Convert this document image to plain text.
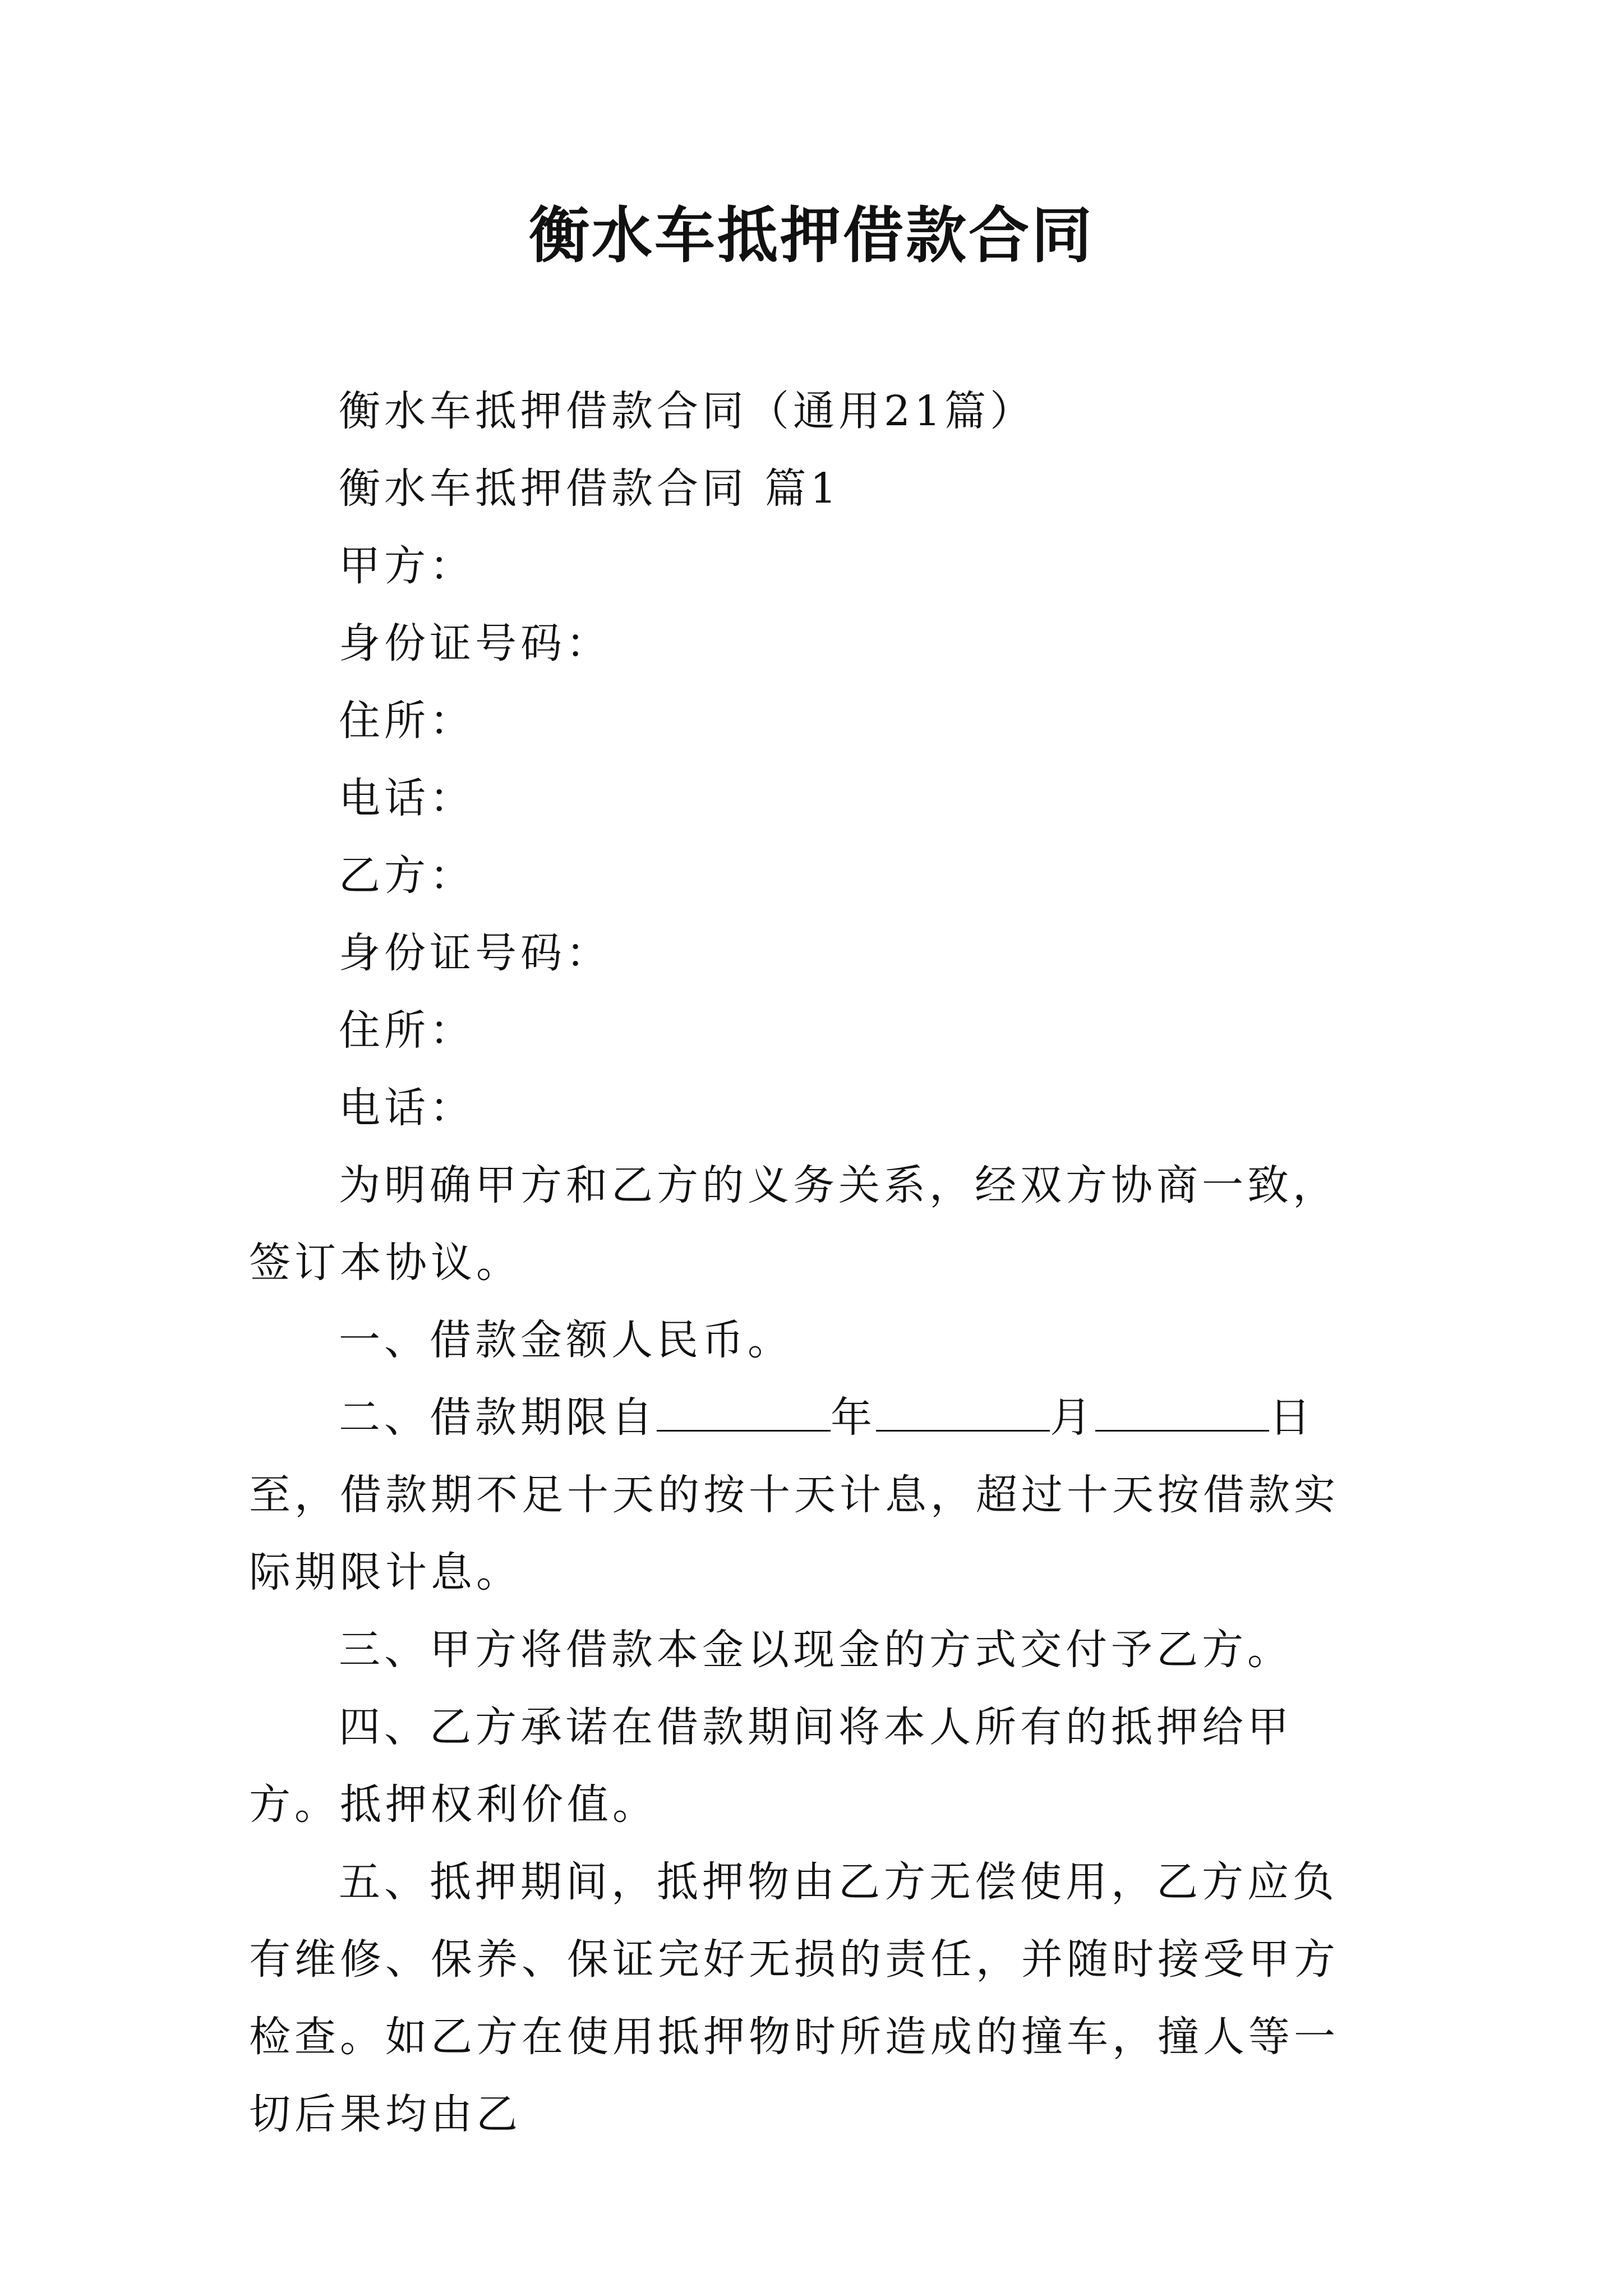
衡水车抵押借款合同

衡水车抵押借款合同（通用21篇）

衡水车抵押借款合同 篇1

甲方：

身份证号码：

住所：

电话：

乙方：

身份证号码：

住所：

电话：

为明确甲方和乙方的义务关系，经双方协商一致，签订本协议。

一、借款金额人民币。

二、借款期限自	年	月	日至，借款期不足十天的按十天计息，超过十天按借款实际期限计息。

三、甲方将借款本金以现金的方式交付予乙方。

四、乙方承诺在借款期间将本人所有的抵押给甲方。抵押权利价值。

五、抵押期间，抵押物由乙方无偿使用，乙方应负有维修、保养、保证完好无损的责任，并随时接受甲方检查。如乙方在使用抵押物时所造成的撞车，撞人等一切后果均由乙
